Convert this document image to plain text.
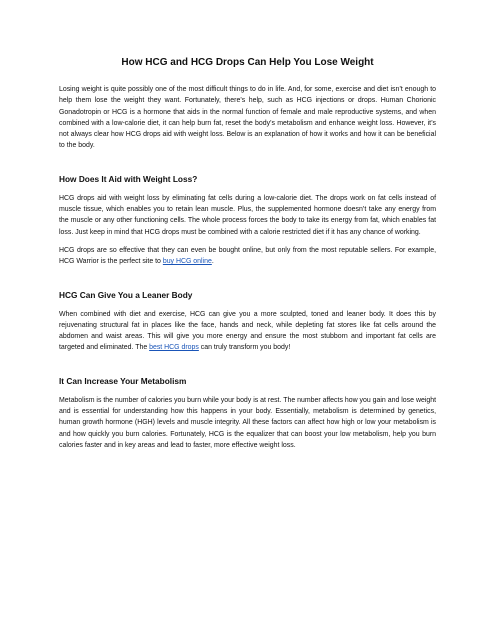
How HCG and HCG Drops Can Help You Lose Weight

Losing weight is quite possibly one of the most difficult things to do in life. And, for some, exercise and diet isn’t enough to help them lose the weight they want. Fortunately, there’s help, such as HCG injections or drops. Human Chorionic Gonadotropin or HCG is a hormone that aids in the normal function of female and male reproductive systems, and when combined with a low-calorie diet, it can help burn fat, reset the body’s metabolism and enhance weight loss. However, it’s not always clear how HCG drops aid with weight loss. Below is an explanation of how it works and how it can be beneficial to the body.

How Does It Aid with Weight Loss?

HCG drops aid with weight loss by eliminating fat cells during a low-calorie diet. The drops work on fat cells instead of muscle tissue, which enables you to retain lean muscle. Plus, the supplemented hormone doesn’t take any energy from the muscle or any other functioning cells. The whole process forces the body to take its energy from fat, which enables fat loss. Just keep in mind that HCG drops must be combined with a calorie restricted diet if it has any chance of working.

HCG drops are so effective that they can even be bought online, but only from the most reputable sellers. For example, HCG Warrior is the perfect site to buy HCG online.

HCG Can Give You a Leaner Body

When combined with diet and exercise, HCG can give you a more sculpted, toned and leaner body. It does this by rejuvenating structural fat in places like the face, hands and neck, while depleting fat stores like fat cells around the abdomen and waist areas. This will give you more energy and ensure the most stubborn and important fat cells are targeted and eliminated. The best HCG drops can truly transform you body!

It Can Increase Your Metabolism

Metabolism is the number of calories you burn while your body is at rest. The number affects how you gain and lose weight and is essential for understanding how this happens in your body. Essentially, metabolism is determined by genetics, human growth hormone (HGH) levels and muscle integrity. All these factors can affect how high or low your metabolism is and how quickly you burn calories. Fortunately, HCG is the equalizer that can boost your low metabolism, help you burn calories faster and in key areas and lead to faster, more effective weight loss.
